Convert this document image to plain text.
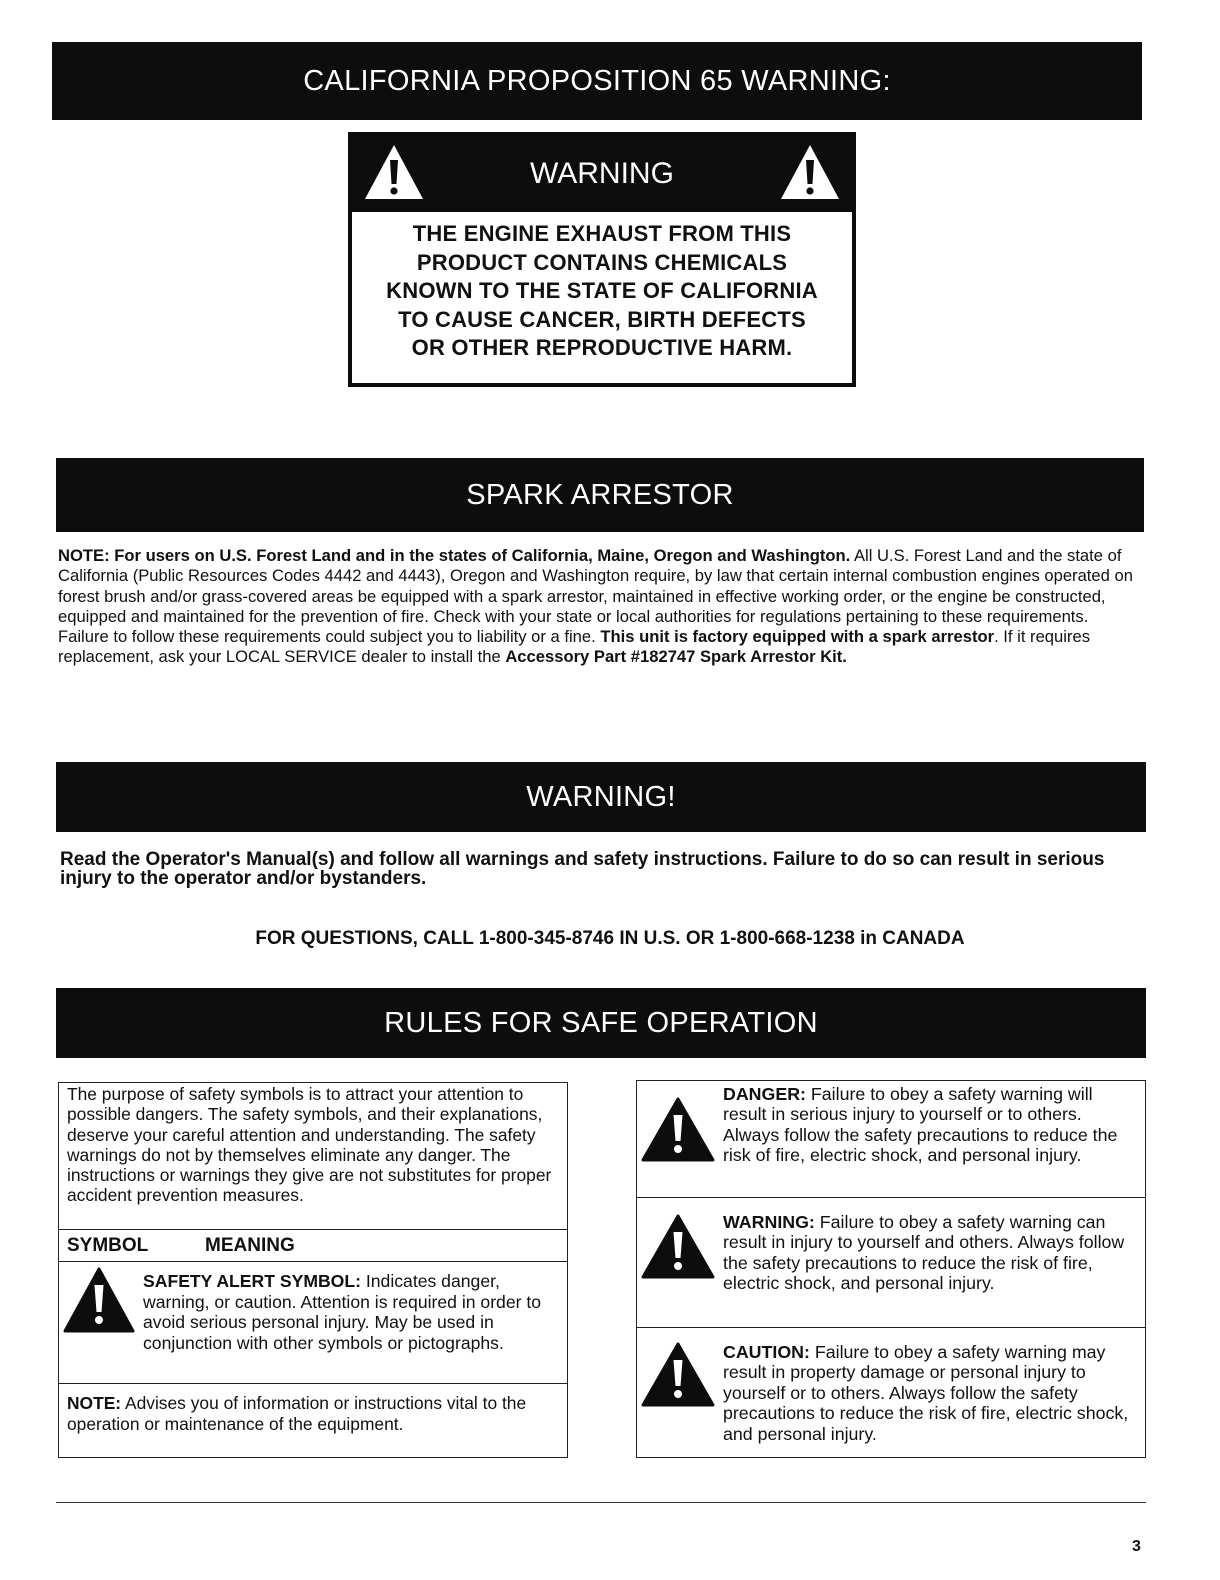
CALIFORNIA PROPOSITION 65 WARNING:
WARNING
THE ENGINE EXHAUST FROM THIS
PRODUCT CONTAINS CHEMICALS
KNOWN TO THE STATE OF CALIFORNIA
TO CAUSE CANCER, BIRTH DEFECTS
OR OTHER REPRODUCTIVE HARM.
SPARK ARRESTOR
NOTE: For users on U.S. Forest Land and in the states of California, Maine, Oregon and Washington. All U.S. Forest Land and the state of California (Public Resources Codes 4442 and 4443), Oregon and Washington require, by law that certain internal combustion engines operated on forest brush and/or grass-covered areas be equipped with a spark arrestor, maintained in effective working order, or the engine be constructed, equipped and maintained for the prevention of fire. Check with your state or local authorities for regulations pertaining to these requirements. Failure to follow these requirements could subject you to liability or a fine. This unit is factory equipped with a spark arrestor. If it requires replacement, ask your LOCAL SERVICE dealer to install the Accessory Part #182747 Spark Arrestor Kit.
WARNING!
Read the Operator's Manual(s) and follow all warnings and safety instructions. Failure to do so can result in serious injury to the operator and/or bystanders.
FOR QUESTIONS, CALL 1-800-345-8746 IN U.S. OR 1-800-668-1238 in CANADA
RULES FOR SAFE OPERATION
The purpose of safety symbols is to attract your attention to possible dangers. The safety symbols, and their explanations, deserve your careful attention and understanding. The safety warnings do not by themselves eliminate any danger. The instructions or warnings they give are not substitutes for proper accident prevention measures.
SYMBOL	MEANING
SAFETY ALERT SYMBOL: Indicates danger, warning, or caution. Attention is required in order to avoid serious personal injury. May be used in conjunction with other symbols or pictographs.
NOTE: Advises you of information or instructions vital to the operation or maintenance of the equipment.
DANGER: Failure to obey a safety warning will result in serious injury to yourself or to others. Always follow the safety precautions to reduce the risk of fire, electric shock, and personal injury.
WARNING: Failure to obey a safety warning can result in injury to yourself and others. Always follow the safety precautions to reduce the risk of fire, electric shock, and personal injury.
CAUTION: Failure to obey a safety warning may result in property damage or personal injury to yourself or to others. Always follow the safety precautions to reduce the risk of fire, electric shock, and personal injury.
3
